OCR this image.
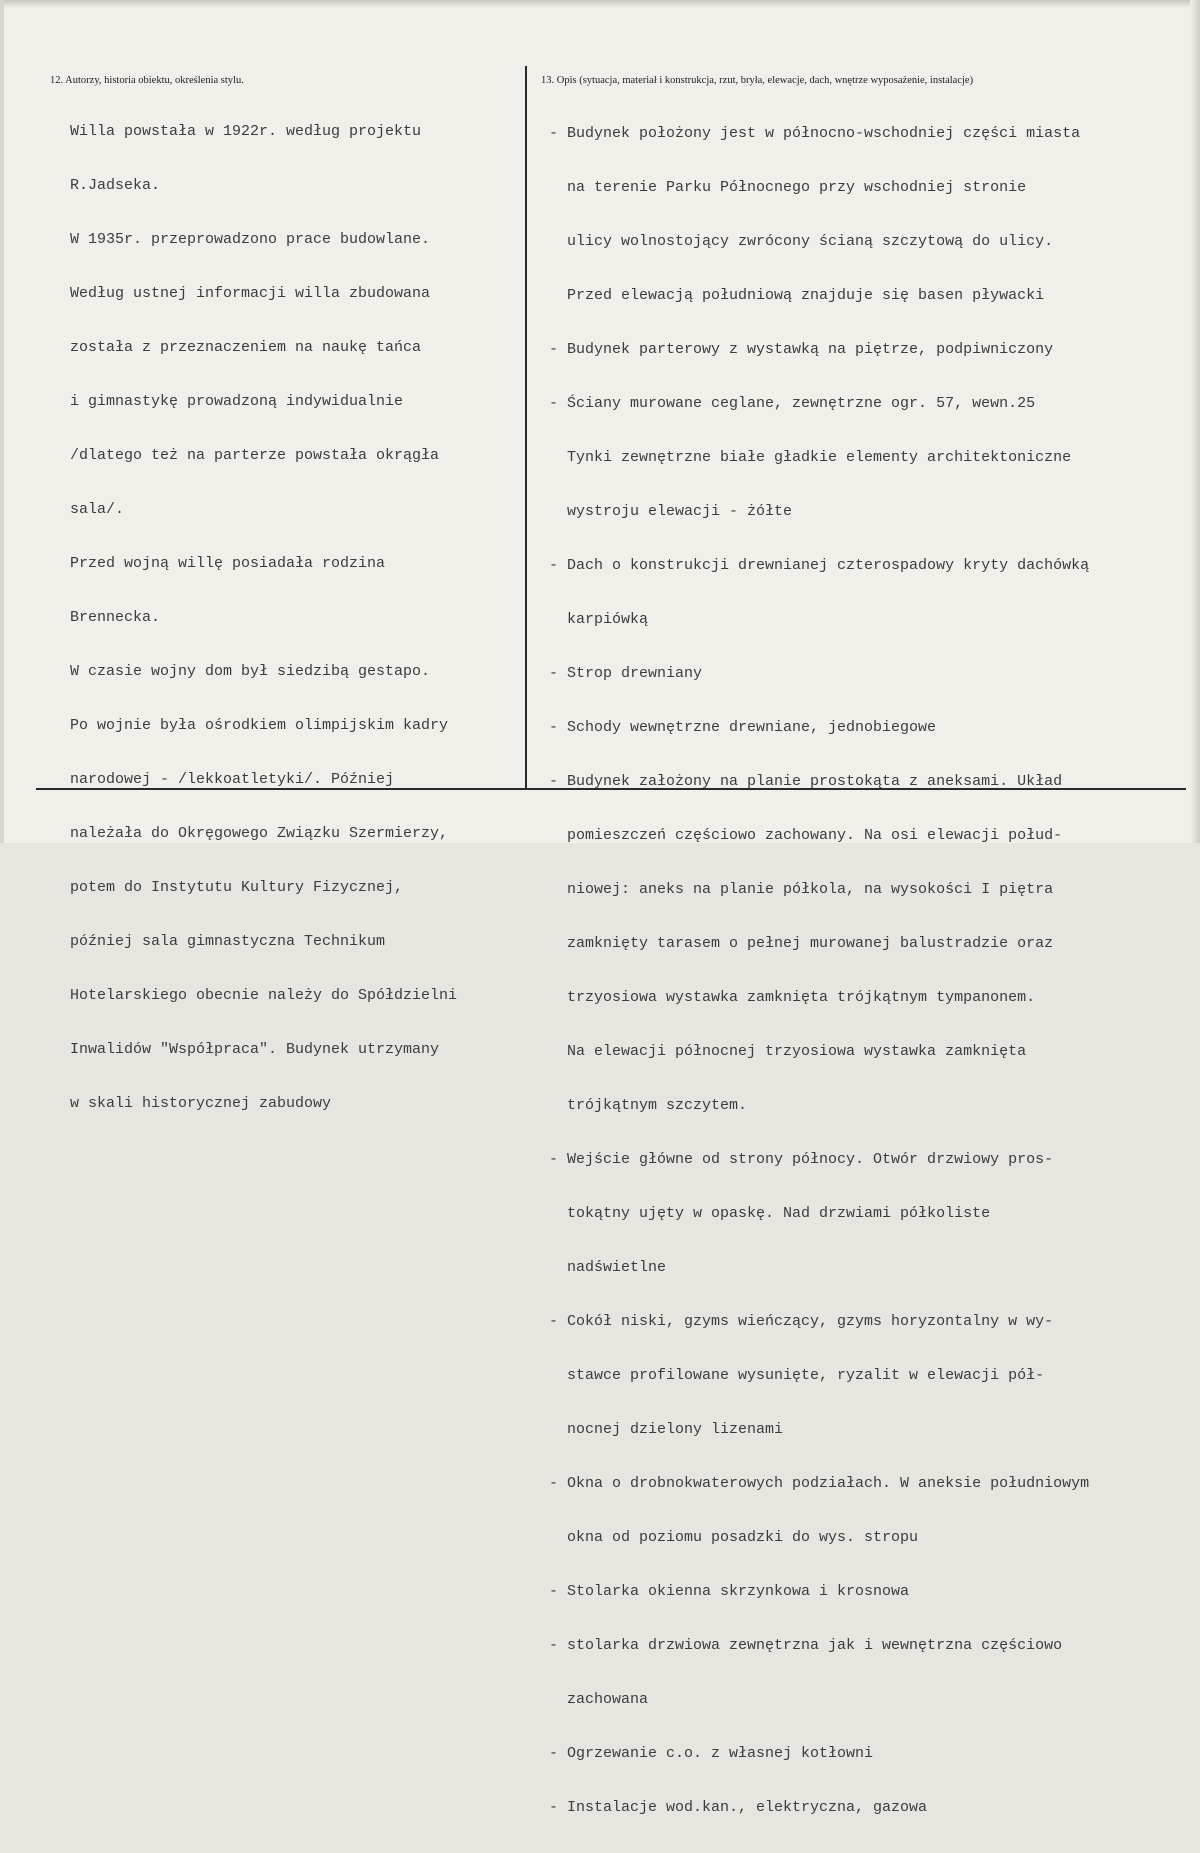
12. Autorzy, historia obiektu, określenia stylu.	13. Opis (sytuacja, materiał i konstrukcja, rzut, bryła, elewacje, dach, wnętrze wyposażenie, instalacje)

Willa powstała w 1922r. według projektu

R.Jadseka.

W 1935r. przeprowadzono prace budowlane.

Według ustnej informacji willa zbudowana

została z przeznaczeniem na naukę tańca

i gimnastykę prowadzoną indywidualnie

/dlatego też na parterze powstała okrągła

sala/.

Przed wojną willę posiadała rodzina

Brennecka.

W czasie wojny dom był siedzibą gestapo.

Po wojnie była ośrodkiem olimpijskim kadry

narodowej - /lekkoatletyki/. Później

należała do Okręgowego Związku Szermierzy,

potem do Instytutu Kultury Fizycznej,

później sala gimnastyczna Technikum

Hotelarskiego obecnie należy do Spółdzielni

Inwalidów "Współpraca". Budynek utrzymany

w skali historycznej zabudowy

- Budynek położony jest w północno-wschodniej części miasta

na terenie Parku Północnego przy wschodniej stronie

ulicy wolnostojący zwrócony ścianą szczytową do ulicy.

Przed elewacją południową znajduje się basen pływacki

- Budynek parterowy z wystawką na piętrze, podpiwniczony

- Ściany murowane ceglane, zewnętrzne ogr. 57, wewn.25

Tynki zewnętrzne białe gładkie elementy architektoniczne

wystroju elewacji - żółte

- Dach o konstrukcji drewnianej czterospadowy kryty dachówką

karpiówką

- Strop drewniany

- Schody wewnętrzne drewniane, jednobiegowe

- Budynek założony na planie prostokąta z aneksami. Układ

pomieszczeń częściowo zachowany. Na osi elewacji połud-

niowej: aneks na planie półkola, na wysokości I piętra

zamknięty tarasem o pełnej murowanej balustradzie oraz

trzyosiowa wystawka zamknięta trójkątnym tympanonem.

Na elewacji północnej trzyosiowa wystawka zamknięta

trójkątnym szczytem.

- Wejście główne od strony północy. Otwór drzwiowy pros-

tokątny ujęty w opaskę. Nad drzwiami półkoliste

nadświetlne

- Cokół niski, gzyms wieńczący, gzyms horyzontalny w wy-

stawce profilowane wysunięte, ryzalit w elewacji pół-

nocnej dzielony lizenami

- Okna o drobnokwaterowych podziałach. W aneksie południowym

okna od poziomu posadzki do wys. stropu

- Stolarka okienna skrzynkowa i krosnowa

- stolarka drzwiowa zewnętrzna jak i wewnętrzna częściowo

zachowana

- Ogrzewanie c.o. z własnej kotłowni

- Instalacje wod.kan., elektryczna, gazowa
